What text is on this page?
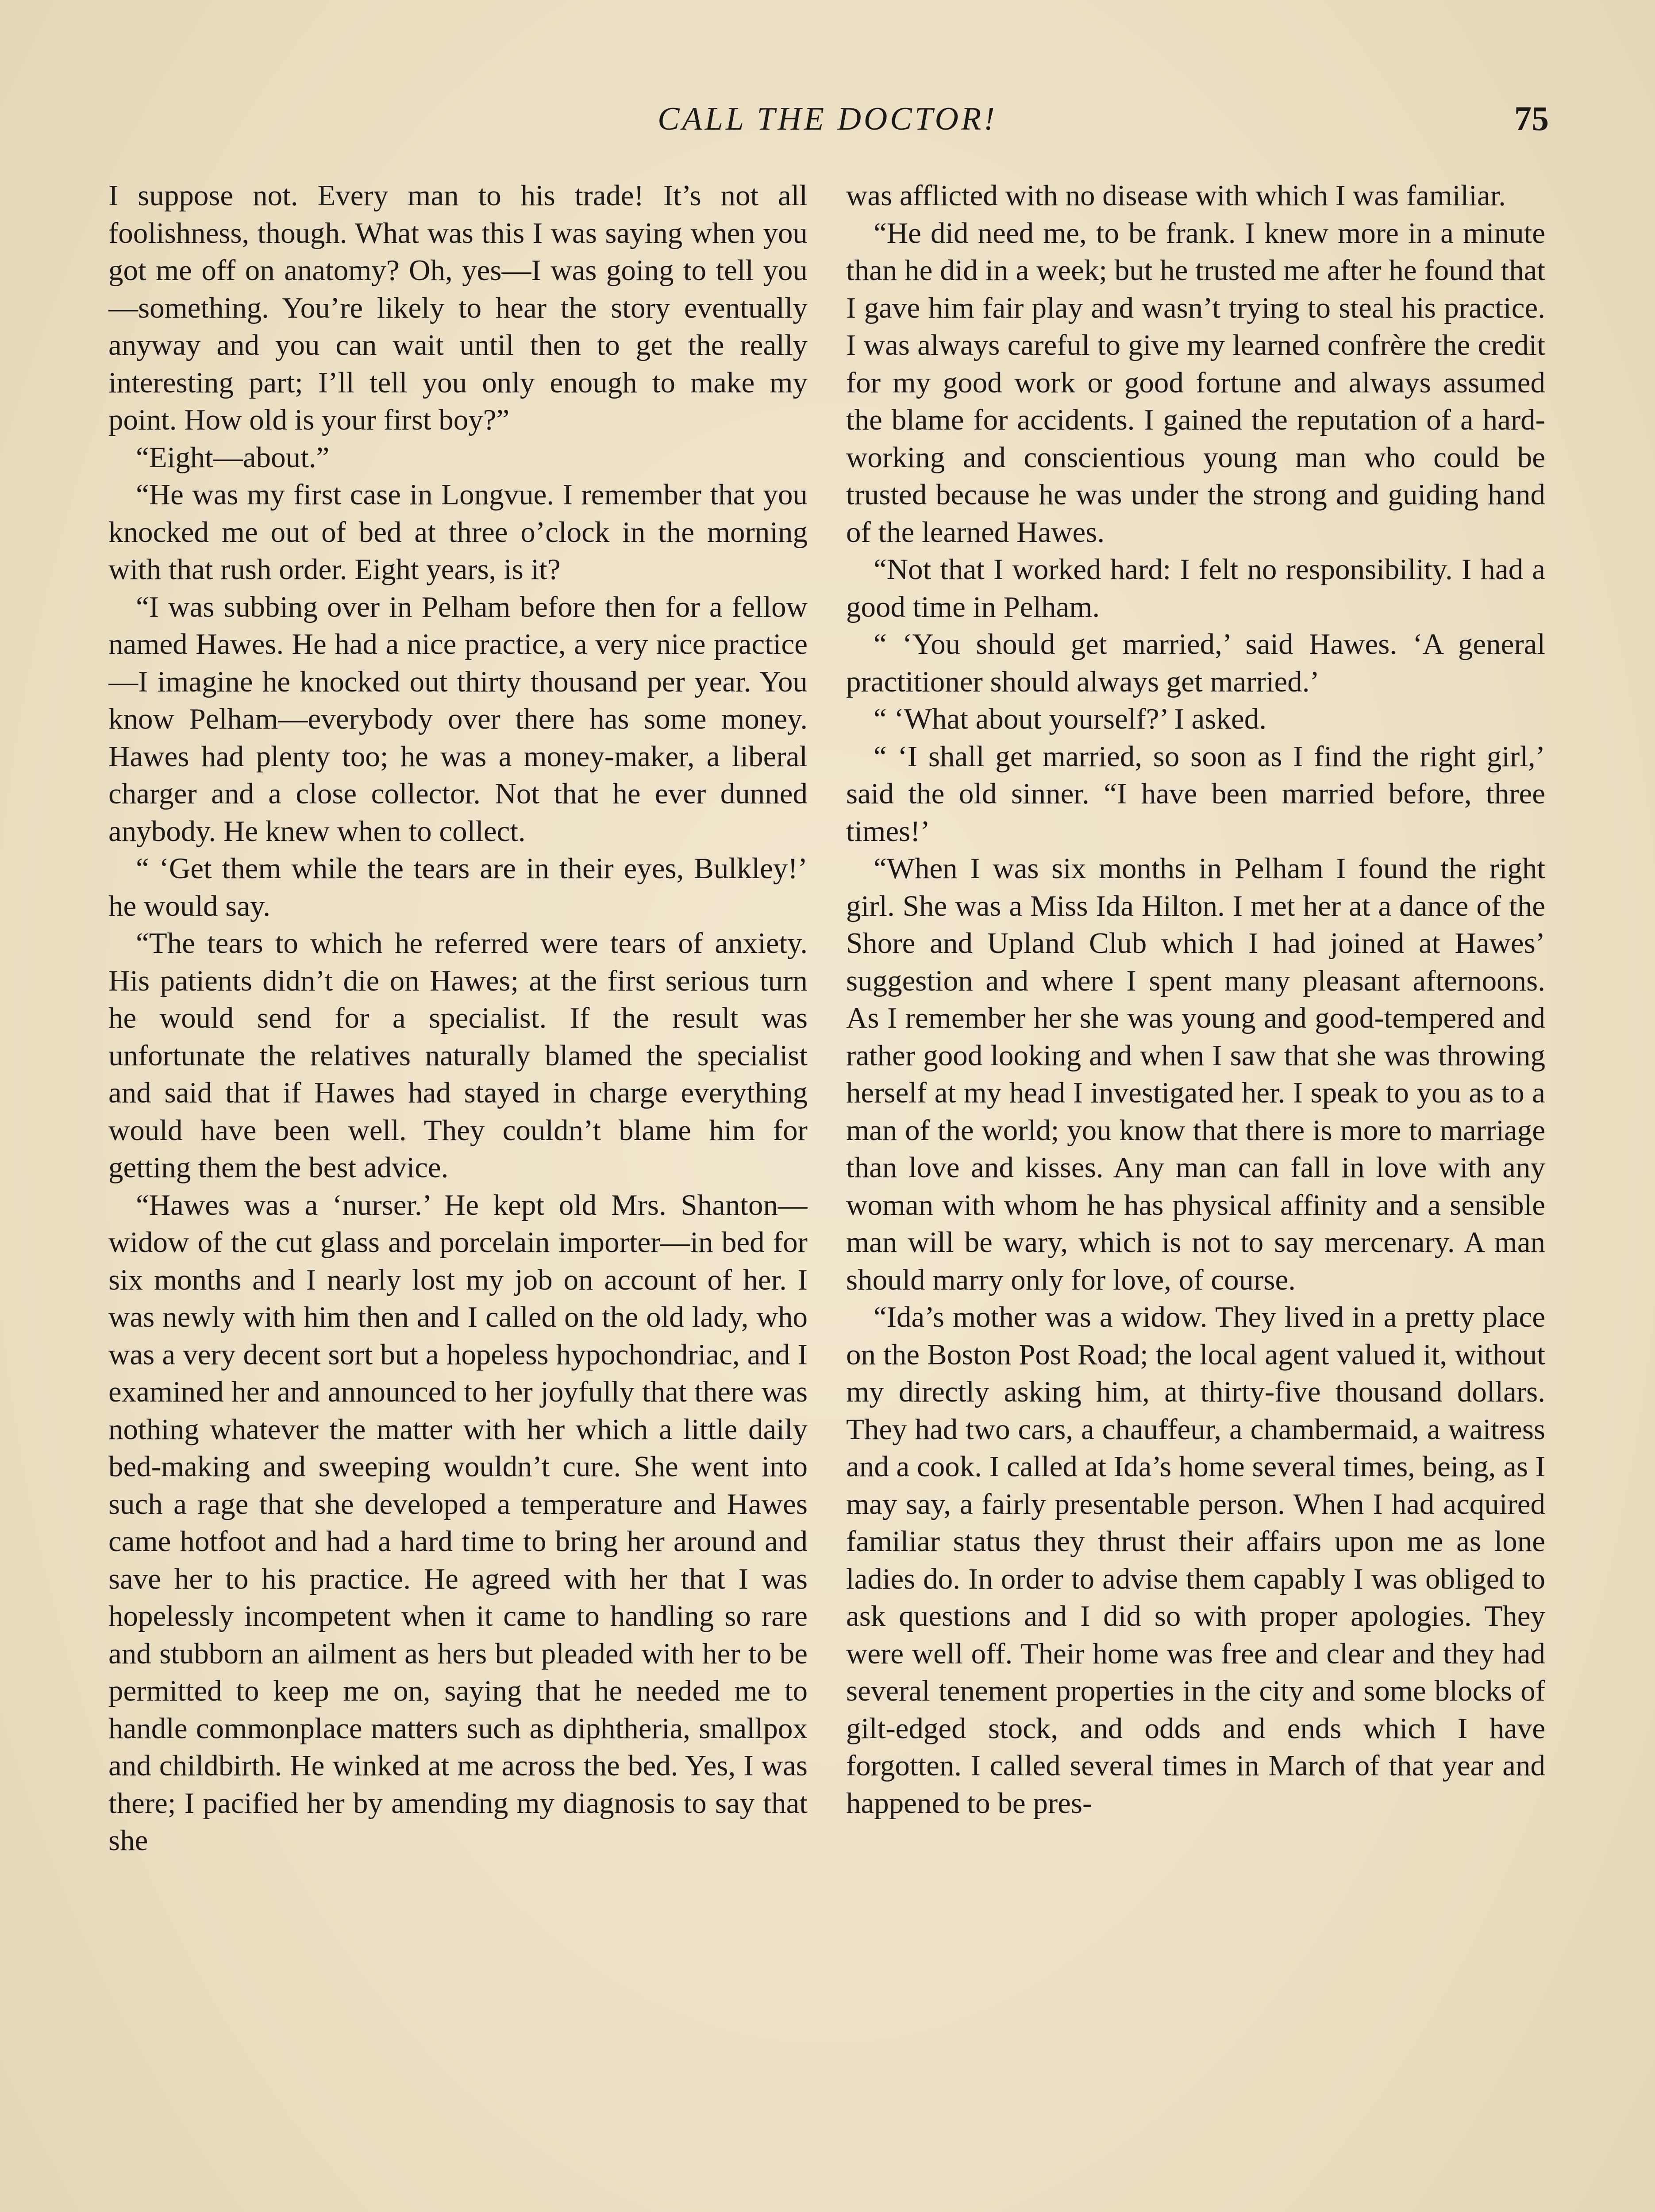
CALL THE DOCTOR!	75

I suppose not. Every man to his trade! It’s not all foolishness, though. What was this I was saying when you got me off on anatomy? Oh, yes—I was going to tell you—something. You’re likely to hear the story eventually anyway and you can wait until then to get the really interesting part; I’ll tell you only enough to make my point. How old is your first boy?”

“Eight—about.”

“He was my first case in Longvue. I remember that you knocked me out of bed at three o’clock in the morning with that rush order. Eight years, is it?

“I was subbing over in Pelham before then for a fellow named Hawes. He had a nice practice, a very nice practice—I imagine he knocked out thirty thousand per year. You know Pelham—everybody over there has some money. Hawes had plenty too; he was a money-maker, a liberal charger and a close collector. Not that he ever dunned anybody. He knew when to collect.

“ ‘Get them while the tears are in their eyes, Bulkley!’ he would say.

“The tears to which he referred were tears of anxiety. His patients didn’t die on Hawes; at the first serious turn he would send for a specialist. If the result was unfortunate the relatives naturally blamed the specialist and said that if Hawes had stayed in charge everything would have been well. They couldn’t blame him for getting them the best advice.

“Hawes was a ‘nurser.’ He kept old Mrs. Shanton—widow of the cut glass and porcelain importer—in bed for six months and I nearly lost my job on account of her. I was newly with him then and I called on the old lady, who was a very decent sort but a hopeless hypochondriac, and I examined her and announced to her joyfully that there was nothing whatever the matter with her which a little daily bed-making and sweeping wouldn’t cure. She went into such a rage that she developed a temperature and Hawes came hotfoot and had a hard time to bring her around and save her to his practice. He agreed with her that I was hopelessly incompetent when it came to handling so rare and stubborn an ailment as hers but pleaded with her to be permitted to keep me on, saying that he needed me to handle commonplace matters such as diphtheria, smallpox and childbirth. He winked at me across the bed. Yes, I was there; I pacified her by amending my diagnosis to say that she

was afflicted with no disease with which I was familiar.

“He did need me, to be frank. I knew more in a minute than he did in a week; but he trusted me after he found that I gave him fair play and wasn’t trying to steal his practice. I was always careful to give my learned confrère the credit for my good work or good fortune and always assumed the blame for accidents. I gained the reputation of a hard-working and conscientious young man who could be trusted because he was under the strong and guiding hand of the learned Hawes.

“Not that I worked hard: I felt no responsibility. I had a good time in Pelham.

“ ‘You should get married,’ said Hawes. ‘A general practitioner should always get married.’

“ ‘What about yourself?’ I asked.

“ ‘I shall get married, so soon as I find the right girl,’ said the old sinner. “I have been married before, three times!’

“When I was six months in Pelham I found the right girl. She was a Miss Ida Hilton. I met her at a dance of the Shore and Upland Club which I had joined at Hawes’ suggestion and where I spent many pleasant afternoons. As I remember her she was young and good-tempered and rather good looking and when I saw that she was throwing herself at my head I investigated her. I speak to you as to a man of the world; you know that there is more to marriage than love and kisses. Any man can fall in love with any woman with whom he has physical affinity and a sensible man will be wary, which is not to say mercenary. A man should marry only for love, of course.

“Ida’s mother was a widow. They lived in a pretty place on the Boston Post Road; the local agent valued it, without my directly asking him, at thirty-five thousand dollars. They had two cars, a chauffeur, a chambermaid, a waitress and a cook. I called at Ida’s home several times, being, as I may say, a fairly presentable person. When I had acquired familiar status they thrust their affairs upon me as lone ladies do. In order to advise them capably I was obliged to ask questions and I did so with proper apologies. They were well off. Their home was free and clear and they had several tenement properties in the city and some blocks of gilt-edged stock, and odds and ends which I have forgotten. I called several times in March of that year and happened to be pres-
